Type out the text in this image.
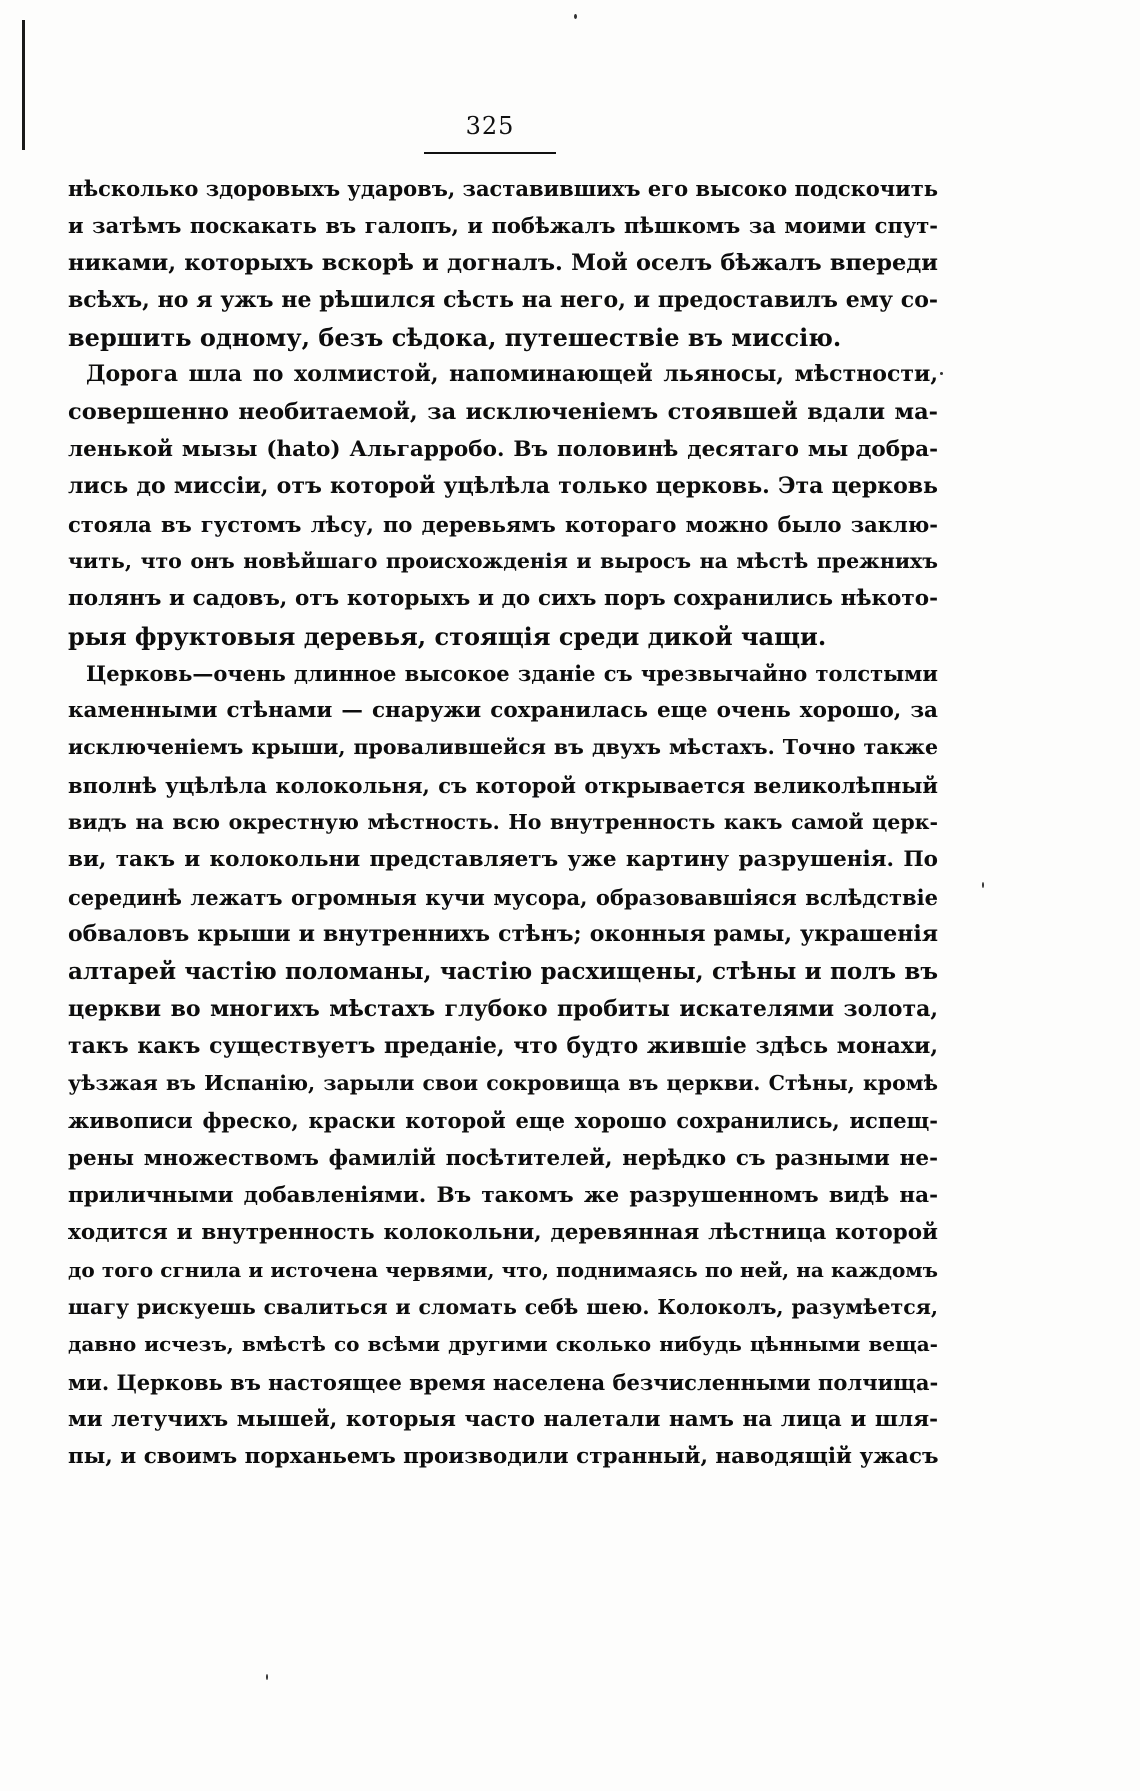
325
нѣсколько здоровыхъ ударовъ, заставившихъ его высоко подскочить
и затѣмъ поскакать въ галопъ, и побѣжалъ пѣшкомъ за моими спут-
никами, которыхъ вскорѣ и догналъ. Мой оселъ бѣжалъ впереди
всѣхъ, но я ужъ не рѣшился сѣсть на него, и предоставилъ ему со-
вершить одному, безъ сѣдока, путешествіе въ миссію.
Дорога шла по холмистой, напоминающей льяносы, мѣстности,
совершенно необитаемой, за исключеніемъ стоявшей вдали ма-
ленькой мызы (hato) Альгарробо. Въ половинѣ десятаго мы добра-
лись до миссіи, отъ которой уцѣлѣла только церковь. Эта церковь
стояла въ густомъ лѣсу, по деревьямъ котораго можно было заклю-
чить, что онъ новѣйшаго происхожденія и выросъ на мѣстѣ прежнихъ
полянъ и садовъ, отъ которыхъ и до сихъ поръ сохранились нѣкото-
рыя фруктовыя деревья, стоящія среди дикой чащи.
Церковь—очень длинное высокое зданіе съ чрезвычайно толстыми
каменными стѣнами — снаружи сохранилась еще очень хорошо, за
исключеніемъ крыши, провалившейся въ двухъ мѣстахъ. Точно также
вполнѣ уцѣлѣла колокольня, съ которой открывается великолѣпный
видъ на всю окрестную мѣстность. Но внутренность какъ самой церк-
ви, такъ и колокольни представляетъ уже картину разрушенія. По
серединѣ лежатъ огромныя кучи мусора, образовавшіяся вслѣдствіе
обваловъ крыши и внутреннихъ стѣнъ; оконныя рамы, украшенія
алтарей частію поломаны, частію расхищены, стѣны и полъ въ
церкви во многихъ мѣстахъ глубоко пробиты искателями золота,
такъ какъ существуетъ преданіе, что будто жившіе здѣсь монахи,
уѣзжая въ Испанію, зарыли свои сокровища въ церкви. Стѣны, кромѣ
живописи фреско, краски которой еще хорошо сохранились, испещ-
рены множествомъ фамилій посѣтителей, нерѣдко съ разными не-
приличными добавленіями. Въ такомъ же разрушенномъ видѣ на-
ходится и внутренность колокольни, деревянная лѣстница которой
до того сгнила и источена червями, что, поднимаясь по ней, на каждомъ
шагу рискуешь свалиться и сломать себѣ шею. Колоколъ, разумѣется,
давно исчезъ, вмѣстѣ со всѣми другими сколько нибудь цѣнными веща-
ми. Церковь въ настоящее время населена безчисленными полчища-
ми летучихъ мышей, которыя часто налетали намъ на лица и шля-
пы, и своимъ порханьемъ производили странный, наводящій ужасъ
